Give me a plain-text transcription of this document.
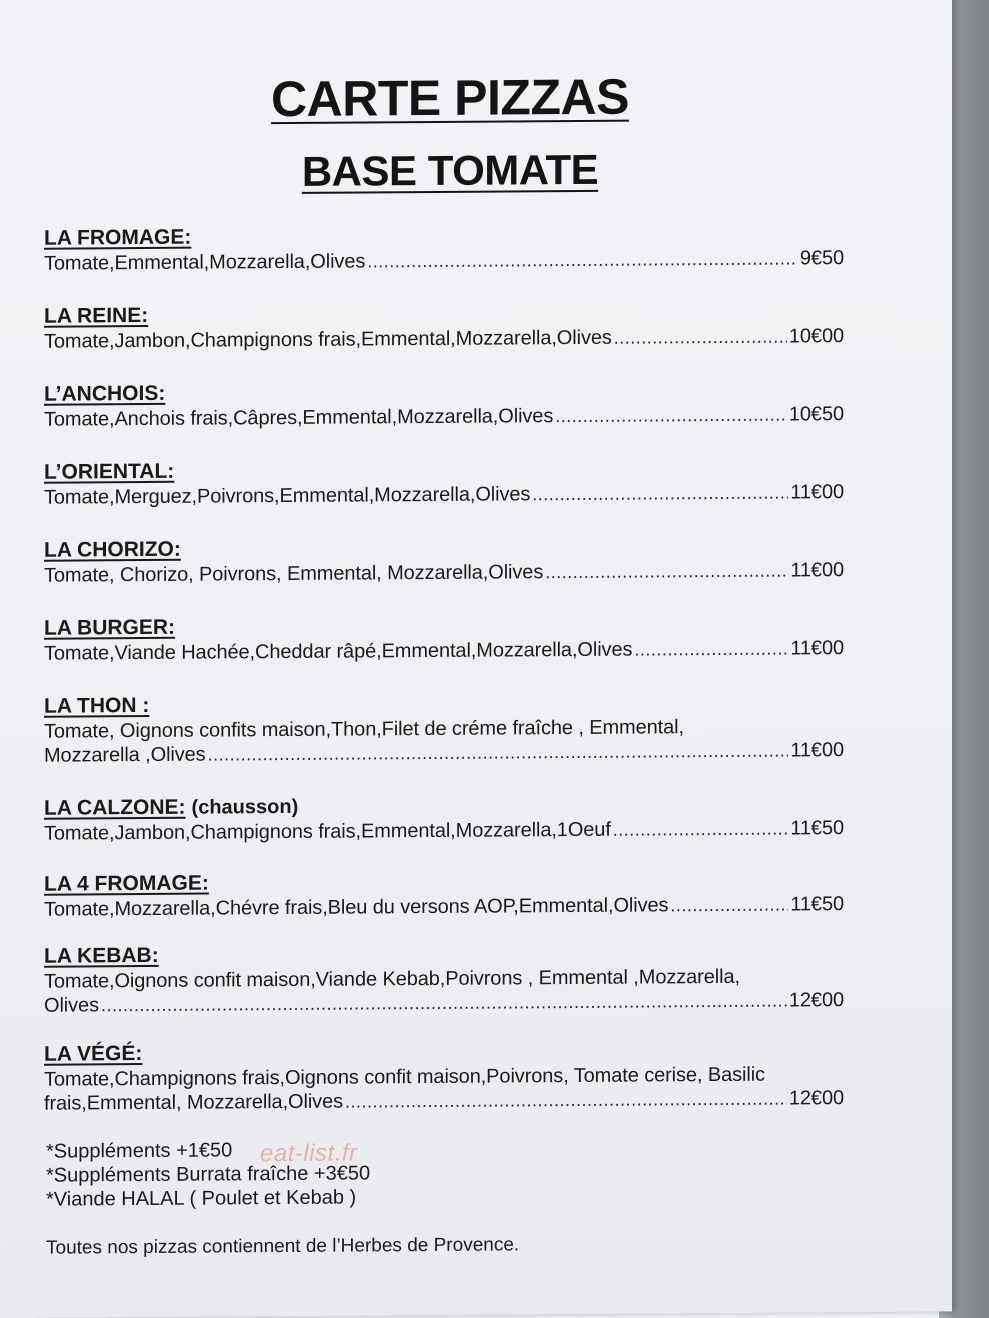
CARTE PIZZAS
BASE TOMATE
LA FROMAGE:
Tomate,Emmental,Mozzarella,Olives .....	9€50
LA REINE:
Tomate,Jambon,Champignons frais,Emmental,Mozzarella,Olives .....	10€00
L’ANCHOIS:
Tomate,Anchois frais,Câpres,Emmental,Mozzarella,Olives .....	10€50
L’ORIENTAL:
Tomate,Merguez,Poivrons,Emmental,Mozzarella,Olives .....	11€00
LA CHORIZO:
Tomate, Chorizo, Poivrons, Emmental, Mozzarella,Olives .....	11€00
LA BURGER:
Tomate,Viande Hachée,Cheddar râpé,Emmental,Mozzarella,Olives .....	11€00
LA THON :
Tomate, Oignons confits maison,Thon,Filet de créme fraîche , Emmental,
Mozzarella ,Olives .....	11€00
LA CALZONE: (chausson)
Tomate,Jambon,Champignons frais,Emmental,Mozzarella,1Oeuf .....	11€50
LA 4 FROMAGE:
Tomate,Mozzarella,Chévre frais,Bleu du versons AOP,Emmental,Olives .....	11€50
LA KEBAB:
Tomate,Oignons confit maison,Viande Kebab,Poivrons , Emmental ,Mozzarella,
Olives .....	12€00
LA VÉGÉ:
Tomate,Champignons frais,Oignons confit maison,Poivrons, Tomate cerise, Basilic
frais,Emmental, Mozzarella,Olives .....	12€00
*Suppléments +1€50
*Suppléments Burrata fraîche +3€50
*Viande HALAL ( Poulet et Kebab )
eat-list.fr
Toutes nos pizzas contiennent de l’Herbes de Provence.
